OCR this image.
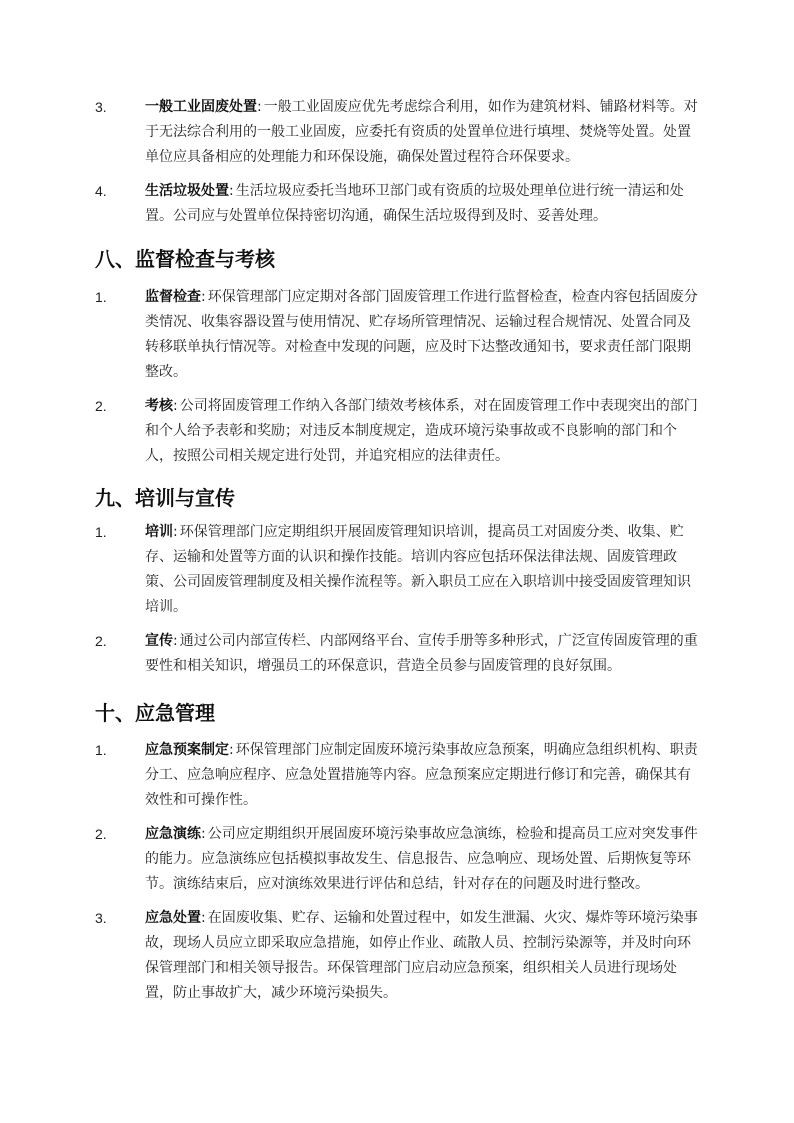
3.	一般工业固废处置: 一般工业固废应优先考虑综合利用，如作为建筑材料、铺路材料等。对于无法综合利用的一般工业固废，应委托有资质的处置单位进行填埋、焚烧等处置。处置单位应具备相应的处理能力和环保设施，确保处置过程符合环保要求。
4.	生活垃圾处置: 生活垃圾应委托当地环卫部门或有资质的垃圾处理单位进行统一清运和处置。公司应与处置单位保持密切沟通，确保生活垃圾得到及时、妥善处理。
八、监督检查与考核
1.	监督检查: 环保管理部门应定期对各部门固废管理工作进行监督检查，检查内容包括固废分类情况、收集容器设置与使用情况、贮存场所管理情况、运输过程合规情况、处置合同及转移联单执行情况等。对检查中发现的问题，应及时下达整改通知书，要求责任部门限期整改。
2.	考核: 公司将固废管理工作纳入各部门绩效考核体系，对在固废管理工作中表现突出的部门和个人给予表彰和奖励；对违反本制度规定，造成环境污染事故或不良影响的部门和个人，按照公司相关规定进行处罚，并追究相应的法律责任。
九、培训与宣传
1.	培训: 环保管理部门应定期组织开展固废管理知识培训，提高员工对固废分类、收集、贮存、运输和处置等方面的认识和操作技能。培训内容应包括环保法律法规、固废管理政策、公司固废管理制度及相关操作流程等。新入职员工应在入职培训中接受固废管理知识培训。
2.	宣传: 通过公司内部宣传栏、内部网络平台、宣传手册等多种形式，广泛宣传固废管理的重要性和相关知识，增强员工的环保意识，营造全员参与固废管理的良好氛围。
十、应急管理
1.	应急预案制定: 环保管理部门应制定固废环境污染事故应急预案，明确应急组织机构、职责分工、应急响应程序、应急处置措施等内容。应急预案应定期进行修订和完善，确保其有效性和可操作性。
2.	应急演练: 公司应定期组织开展固废环境污染事故应急演练，检验和提高员工应对突发事件的能力。应急演练应包括模拟事故发生、信息报告、应急响应、现场处置、后期恢复等环节。演练结束后，应对演练效果进行评估和总结，针对存在的问题及时进行整改。
3.	应急处置: 在固废收集、贮存、运输和处置过程中，如发生泄漏、火灾、爆炸等环境污染事故，现场人员应立即采取应急措施，如停止作业、疏散人员、控制污染源等，并及时向环保管理部门和相关领导报告。环保管理部门应启动应急预案，组织相关人员进行现场处置，防止事故扩大，减少环境污染损失。
